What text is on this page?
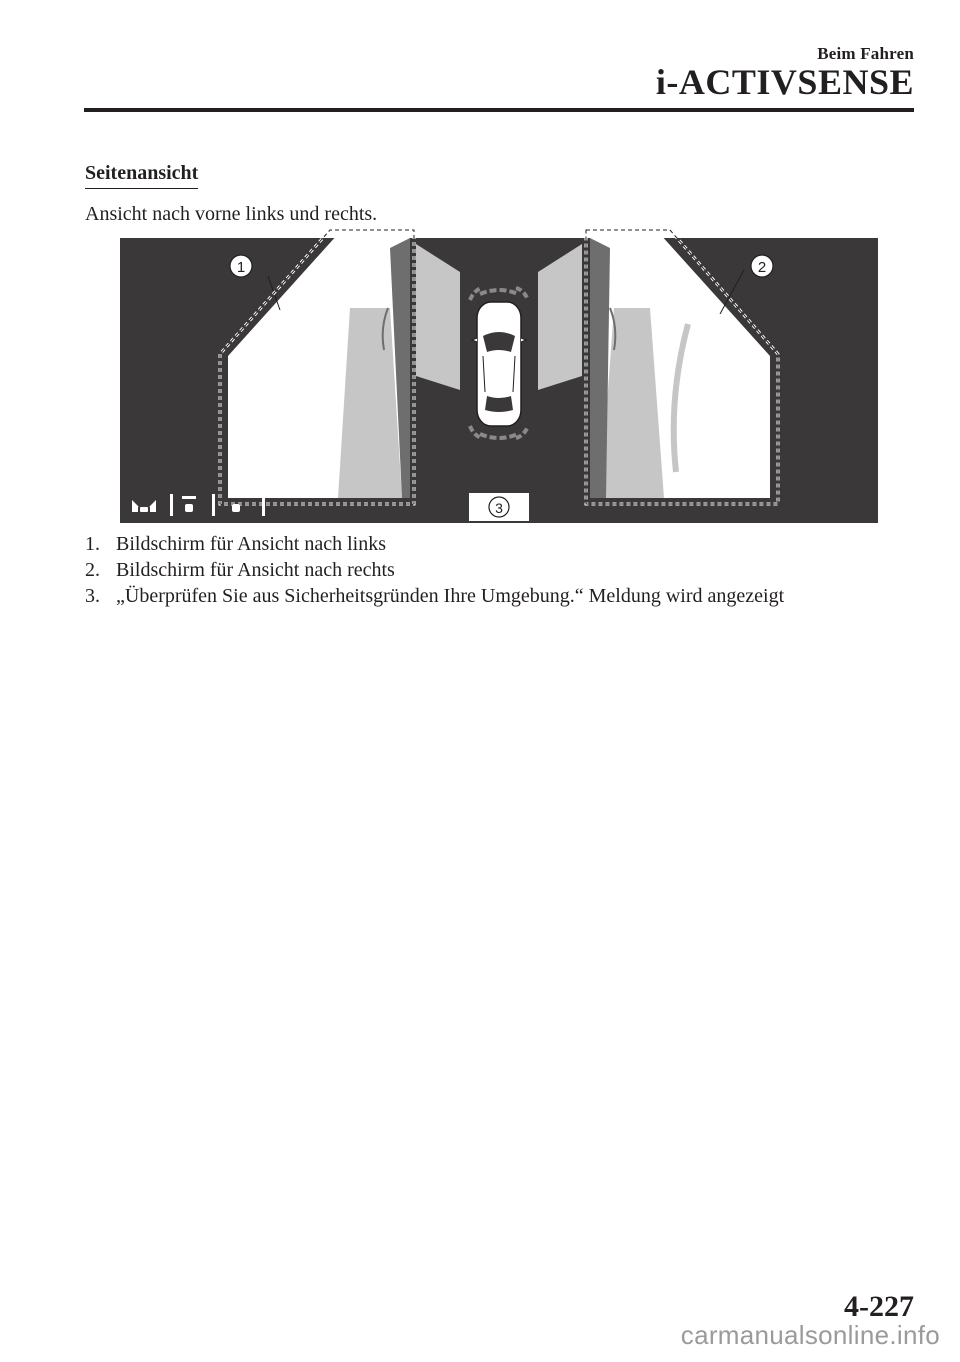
Beim Fahren
i-ACTIVSENSE
Seitenansicht
Ansicht nach vorne links und rechts.
1	2
3
1. Bildschirm für Ansicht nach links
2. Bildschirm für Ansicht nach rechts
3. „Überprüfen Sie aus Sicherheitsgründen Ihre Umgebung.“ Meldung wird angezeigt
4-227
carmanualsonline.info
